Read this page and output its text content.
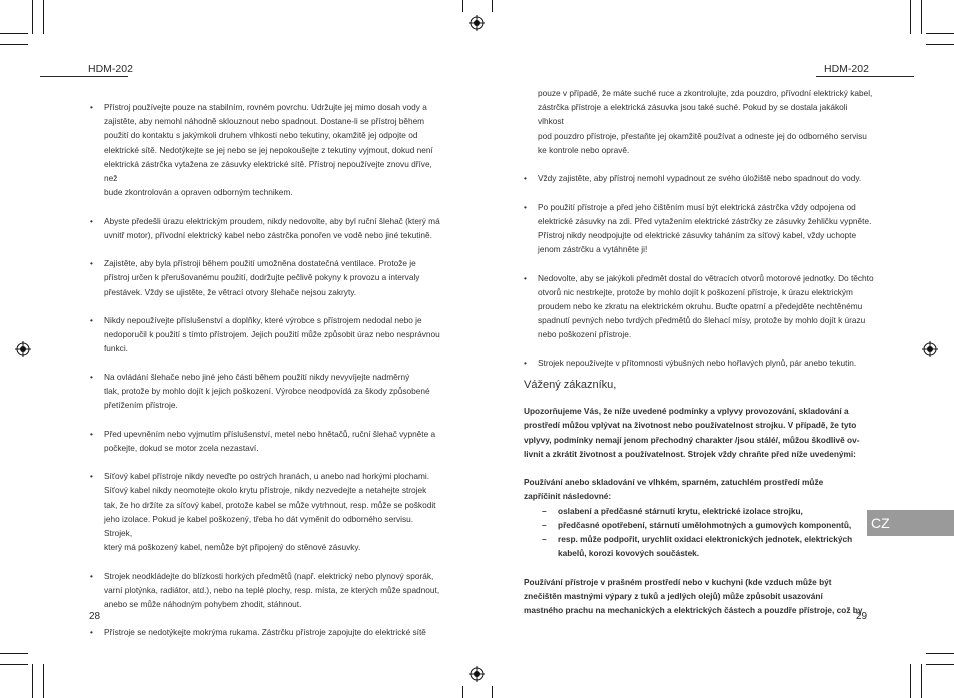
HDM-202	HDM-202
• Přístroj používejte pouze na stabilním, rovném povrchu. Udržujte jej mimo dosah vody a
zajistěte, aby nemohl náhodně sklouznout nebo spadnout. Dostane-li se přístroj během
použití do kontaktu s jakýmkoli druhem vlhkosti nebo tekutiny, okamžitě jej odpojte od
elektrické sítě. Nedotýkejte se jej nebo se jej nepokoušejte z tekutiny vyjmout, dokud není
elektrická zástrčka vytažena ze zásuvky elektrické sítě. Přístroj nepoužívejte znovu dříve, než
bude zkontrolován a opraven odborným technikem.
• Abyste předešli úrazu elektrickým proudem, nikdy nedovolte, aby byl ruční šlehač (který má
uvnitř motor), přívodní elektrický kabel nebo zástrčka ponořen ve vodě nebo jiné tekutině.
• Zajistěte, aby byla přístroji během použití umožněna dostatečná ventilace. Protože je
přístroj určen k přerušovanému použití, dodržujte pečlivě pokyny k provozu a intervaly
přestávek. Vždy se ujistěte, že větrací otvory šlehače nejsou zakryty.
• Nikdy nepoužívejte příslušenství a doplňky, které výrobce s přístrojem nedodal nebo je
nedoporučil k použití s tímto přístrojem. Jejich použití může způsobit úraz nebo nesprávnou
funkci.
• Na ovládání šlehače nebo jiné jeho části během použití nikdy nevyvíjejte nadměrný
tlak, protože by mohlo dojít k jejich poškození. Výrobce neodpovídá za škody způsobené
přetížením přístroje.
• Před upevněním nebo vyjmutím příslušenství, metel nebo hnětačů, ruční šlehač vypněte a
počkejte, dokud se motor zcela nezastaví.
• Síťový kabel přístroje nikdy neveďte po ostrých hranách, u anebo nad horkými plochami.
Síťový kabel nikdy neomotejte okolo krytu přístroje, nikdy nezvedejte a netahejte strojek
tak, že ho držíte za síťový kabel, protože kabel se může vytrhnout, resp. může se poškodit
jeho izolace. Pokud je kabel poškozený, třeba ho dát vyměnit do odborného servisu. Strojek,
který má poškozený kabel, nemůže být připojený do stěnové zásuvky.
• Strojek neodkládejte do blízkosti horkých předmětů (např. elektrický nebo plynový sporák,
varní plotýnka, radiátor, atd.), nebo na teplé plochy, resp. místa, ze kterých může spadnout,
anebo se může náhodným pohybem zhodit, stáhnout.
• Přístroje se nedotýkejte mokrýma rukama. Zástrčku přístroje zapojujte do elektrické sítě
28
pouze v případě, že máte suché ruce a zkontrolujte, zda pouzdro, přívodní elektrický kabel,
zástrčka přístroje a elektrická zásuvka jsou také suché. Pokud by se dostala jakákoli vlhkost
pod pouzdro přístroje, přestaňte jej okamžitě používat a odneste jej do odborného servisu
ke kontrole nebo opravě.
• Vždy zajistěte, aby přístroj nemohl vypadnout ze svého úložiště nebo spadnout do vody.
• Po použití přístroje a před jeho čištěním musí být elektrická zástrčka vždy odpojena od
elektrické zásuvky na zdi. Před vytažením elektrické zástrčky ze zásuvky žehličku vypněte.
Přístroj nikdy neodpojujte od elektrické zásuvky taháním za síťový kabel, vždy uchopte
jenom zástrčku a vytáhněte ji!
• Nedovolte, aby se jakýkoli předmět dostal do větracích otvorů motorové jednotky. Do těchto
otvorů nic nestrkejte, protože by mohlo dojít k poškození přístroje, k úrazu elektrickým
proudem nebo ke zkratu na elektrickém okruhu. Buďte opatrní a předejděte nechtěnému
spadnutí pevných nebo tvrdých předmětů do šlehací mísy, protože by mohlo dojít k úrazu
nebo poškození přístroje.
• Strojek nepoužívejte v přítomnosti výbušných nebo hořlavých plynů, pár anebo tekutin.
Vážený zákazníku,
Upozorňujeme Vás, že níže uvedené podmínky a vplyvy provozování, skladování a
prostředí můžou vplývat na životnost nebo používatelnost strojku. V případě, že tyto
vplyvy, podmínky nemají jenom přechodný charakter /jsou stálé/, můžou škodlivě ov-
livnit a zkrátit životnost a používatelnost. Strojek vždy chraňte před níže uvedenými:
Používání anebo skladování ve vlhkém, sparném, zatuchlém prostředí může
zapříčinit následovné:
– oslabení a předčasné stárnutí krytu, elektrické izolace strojku,
– předčasné opotřebení, stárnutí umělohmotných a gumových komponentů,
– resp. může podpořit, urychlit oxidaci elektronických jednotek, elektrických
kabelů, korozi kovových součástek.
Používání přístroje v prašném prostředí nebo v kuchyni (kde vzduch může být
znečištěn mastnými výpary z tuků a jedlých olejů) může způsobit usazování
mastného prachu na mechanických a elektrických částech a pouzdře přístroje, což by
29
CZ
